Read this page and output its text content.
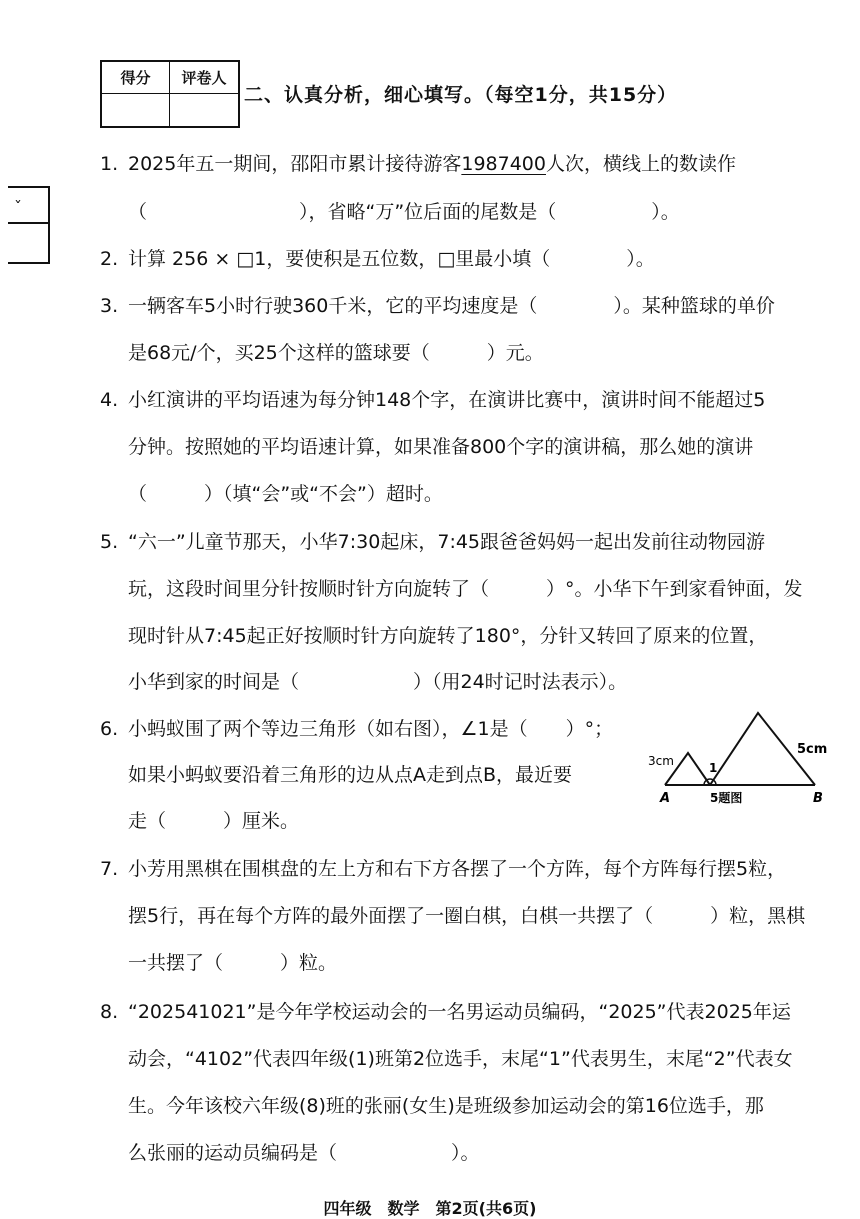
得分	评卷人
二、认真分析，细心填写。（每空1分，共15分）
ˇ
1. 2025年五一期间，邵阳市累计接待游客1987400人次，横线上的数读作
（　　　　　　　　），省略“万”位后面的尾数是（　　　　　）。
2. 计算 256 × □1，要使积是五位数，□里最小填（　　　　）。
3. 一辆客车5小时行驶360千米，它的平均速度是（　　　　）。某种篮球的单价
是68元/个，买25个这样的篮球要（　　　）元。
4. 小红演讲的平均语速为每分钟148个字，在演讲比赛中，演讲时间不能超过5
分钟。按照她的平均语速计算，如果准备800个字的演讲稿，那么她的演讲
（　　　）（填“会”或“不会”）超时。
5. “六一”儿童节那天，小华7:30起床，7:45跟爸爸妈妈一起出发前往动物园游
玩，这段时间里分针按顺时针方向旋转了（　　　）°。小华下午到家看钟面，发
现时针从7:45起正好按顺时针方向旋转了180°，分针又转回了原来的位置，
小华到家的时间是（　　　　　　）（用24时记时法表示）。
6. 小蚂蚁围了两个等边三角形（如右图），∠1是（　　）°；
如果小蚂蚁要沿着三角形的边从点A走到点B，最近要
走（　　　）厘米。
3cm
5cm
1
A	B
5题图
7. 小芳用黑棋在围棋盘的左上方和右下方各摆了一个方阵，每个方阵每行摆5粒，
摆5行，再在每个方阵的最外面摆了一圈白棋，白棋一共摆了（　　　）粒，黑棋
一共摆了（　　　）粒。
8. “202541021”是今年学校运动会的一名男运动员编码，“2025”代表2025年运
动会，“4102”代表四年级(1)班第2位选手，末尾“1”代表男生，末尾“2”代表女
生。今年该校六年级(8)班的张丽(女生)是班级参加运动会的第16位选手，那
么张丽的运动员编码是（　　　　　　）。
四年级　数学　第2页(共6页)
